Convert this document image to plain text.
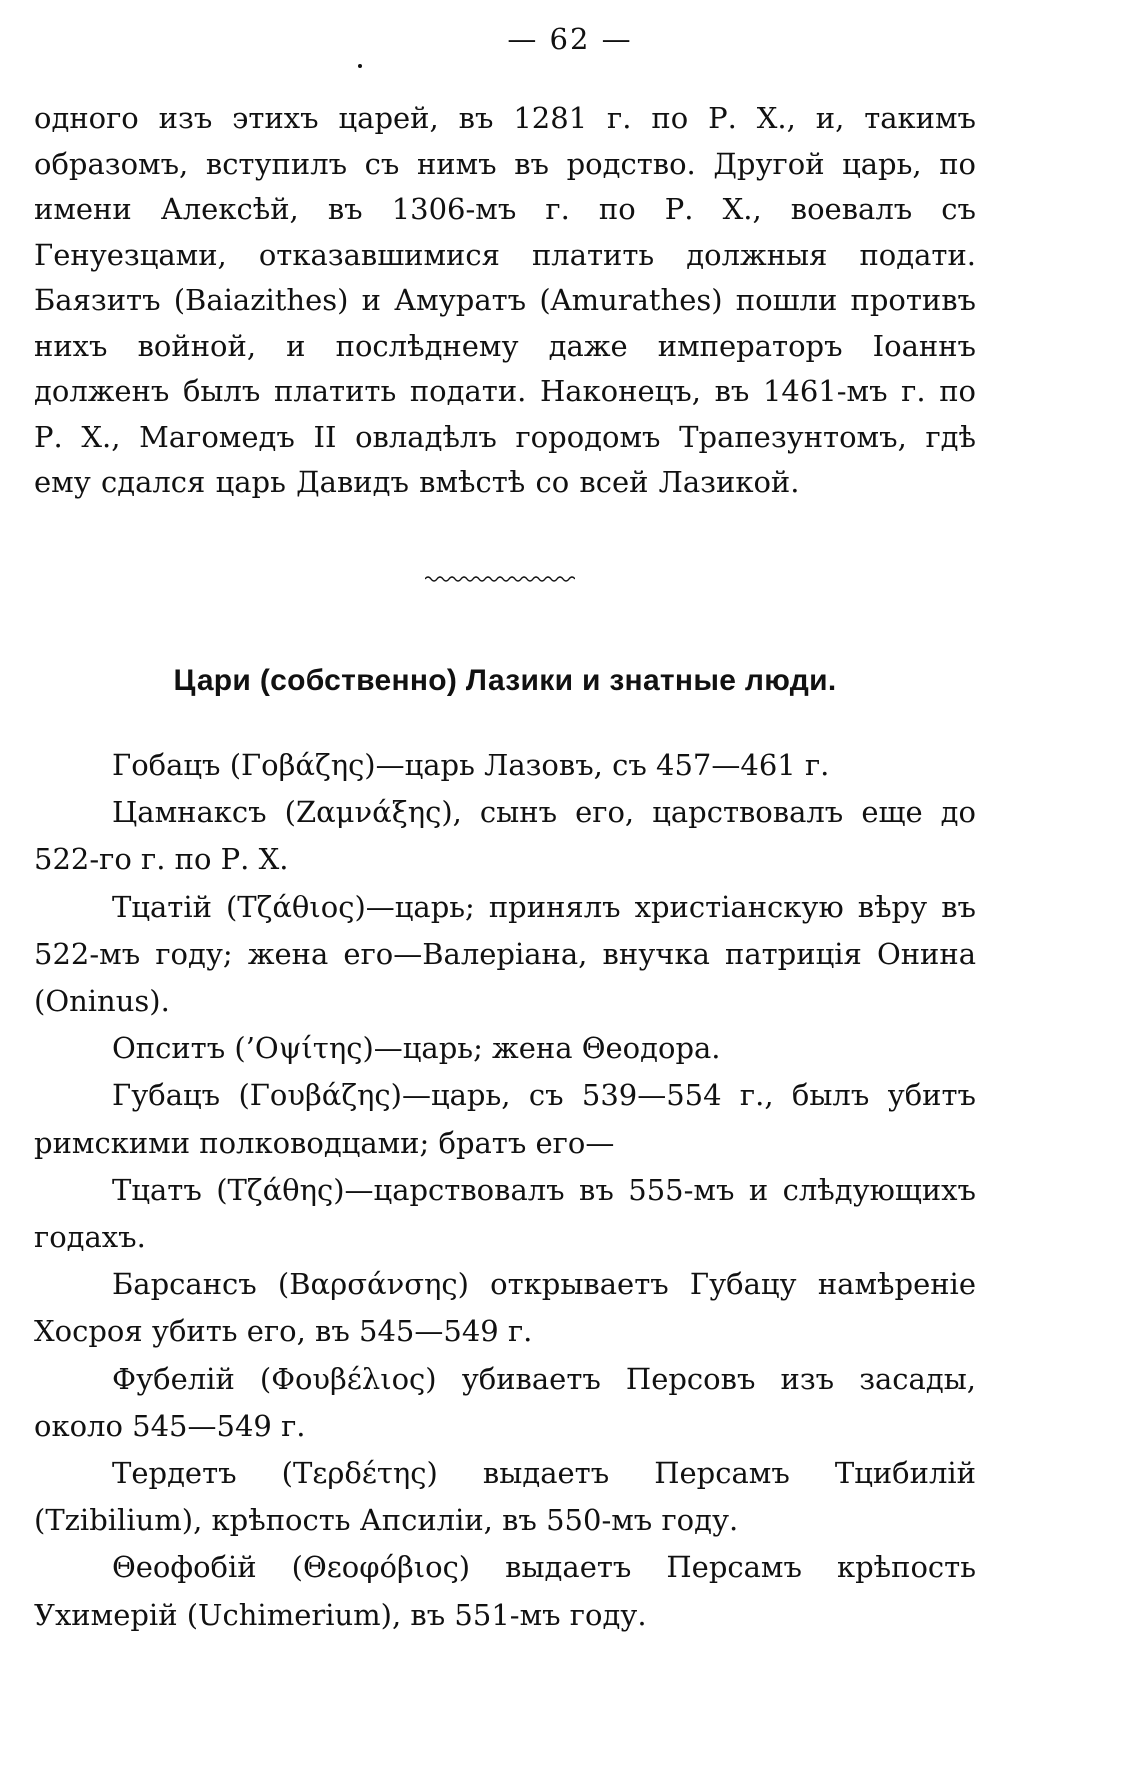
— 62 —

одного изъ этихъ царей, въ 1281 г. по Р. Х., и, такимъ образомъ, вступилъ съ нимъ въ родство. Другой царь, по имени Алексѣй, въ 1306-мъ г. по Р. Х., воевалъ съ Генуезцами, отказавшимися платить должныя подати. Баязитъ (Baiazithes) и Амуратъ (Amurathes) пошли противъ нихъ войной, и послѣднему даже императоръ Іоаннъ долженъ былъ платить подати. Наконецъ, въ 1461-мъ г. по Р. Х., Магомедъ II овладѣлъ городомъ Трапезунтомъ, гдѣ ему сдался царь Давидъ вмѣстѣ со всей Лазикой.

Цари (собственно) Лазики и знатные люди.

Гобацъ (Γοβάζης)—царь Лазовъ, съ 457—461 г.

Цамнаксъ (Ζαμνάξης), сынъ его, царствовалъ еще до 522-го г. по Р. Х.

Тцатій (Τζάθιος)—царь; принялъ христіанскую вѣру въ 522-мъ году; жена его—Валеріана, внучка патриція Онина (Oninus).

Опситъ (’Οψίτης)—царь; жена Θеодора.

Губацъ (Γουβάζης)—царь, съ 539—554 г., былъ убитъ римскими полководцами; братъ его—

Тцатъ (Τζάθης)—царствовалъ въ 555-мъ и слѣдующихъ годахъ.

Барсансъ (Βαρσάνσης) открываетъ Губацу намѣреніе Хосроя убить его, въ 545—549 г.

Фубелій (Φουβέλιος) убиваетъ Персовъ изъ засады, около 545—549 г.

Тердетъ (Τερδέτης) выдаетъ Персамъ Тцибилій (Tzibilium), крѣпость Апсиліи, въ 550-мъ году.

Θеофобій (Θεοφόβιος) выдаетъ Персамъ крѣпость Ухимерій (Uchimerium), въ 551-мъ году.
